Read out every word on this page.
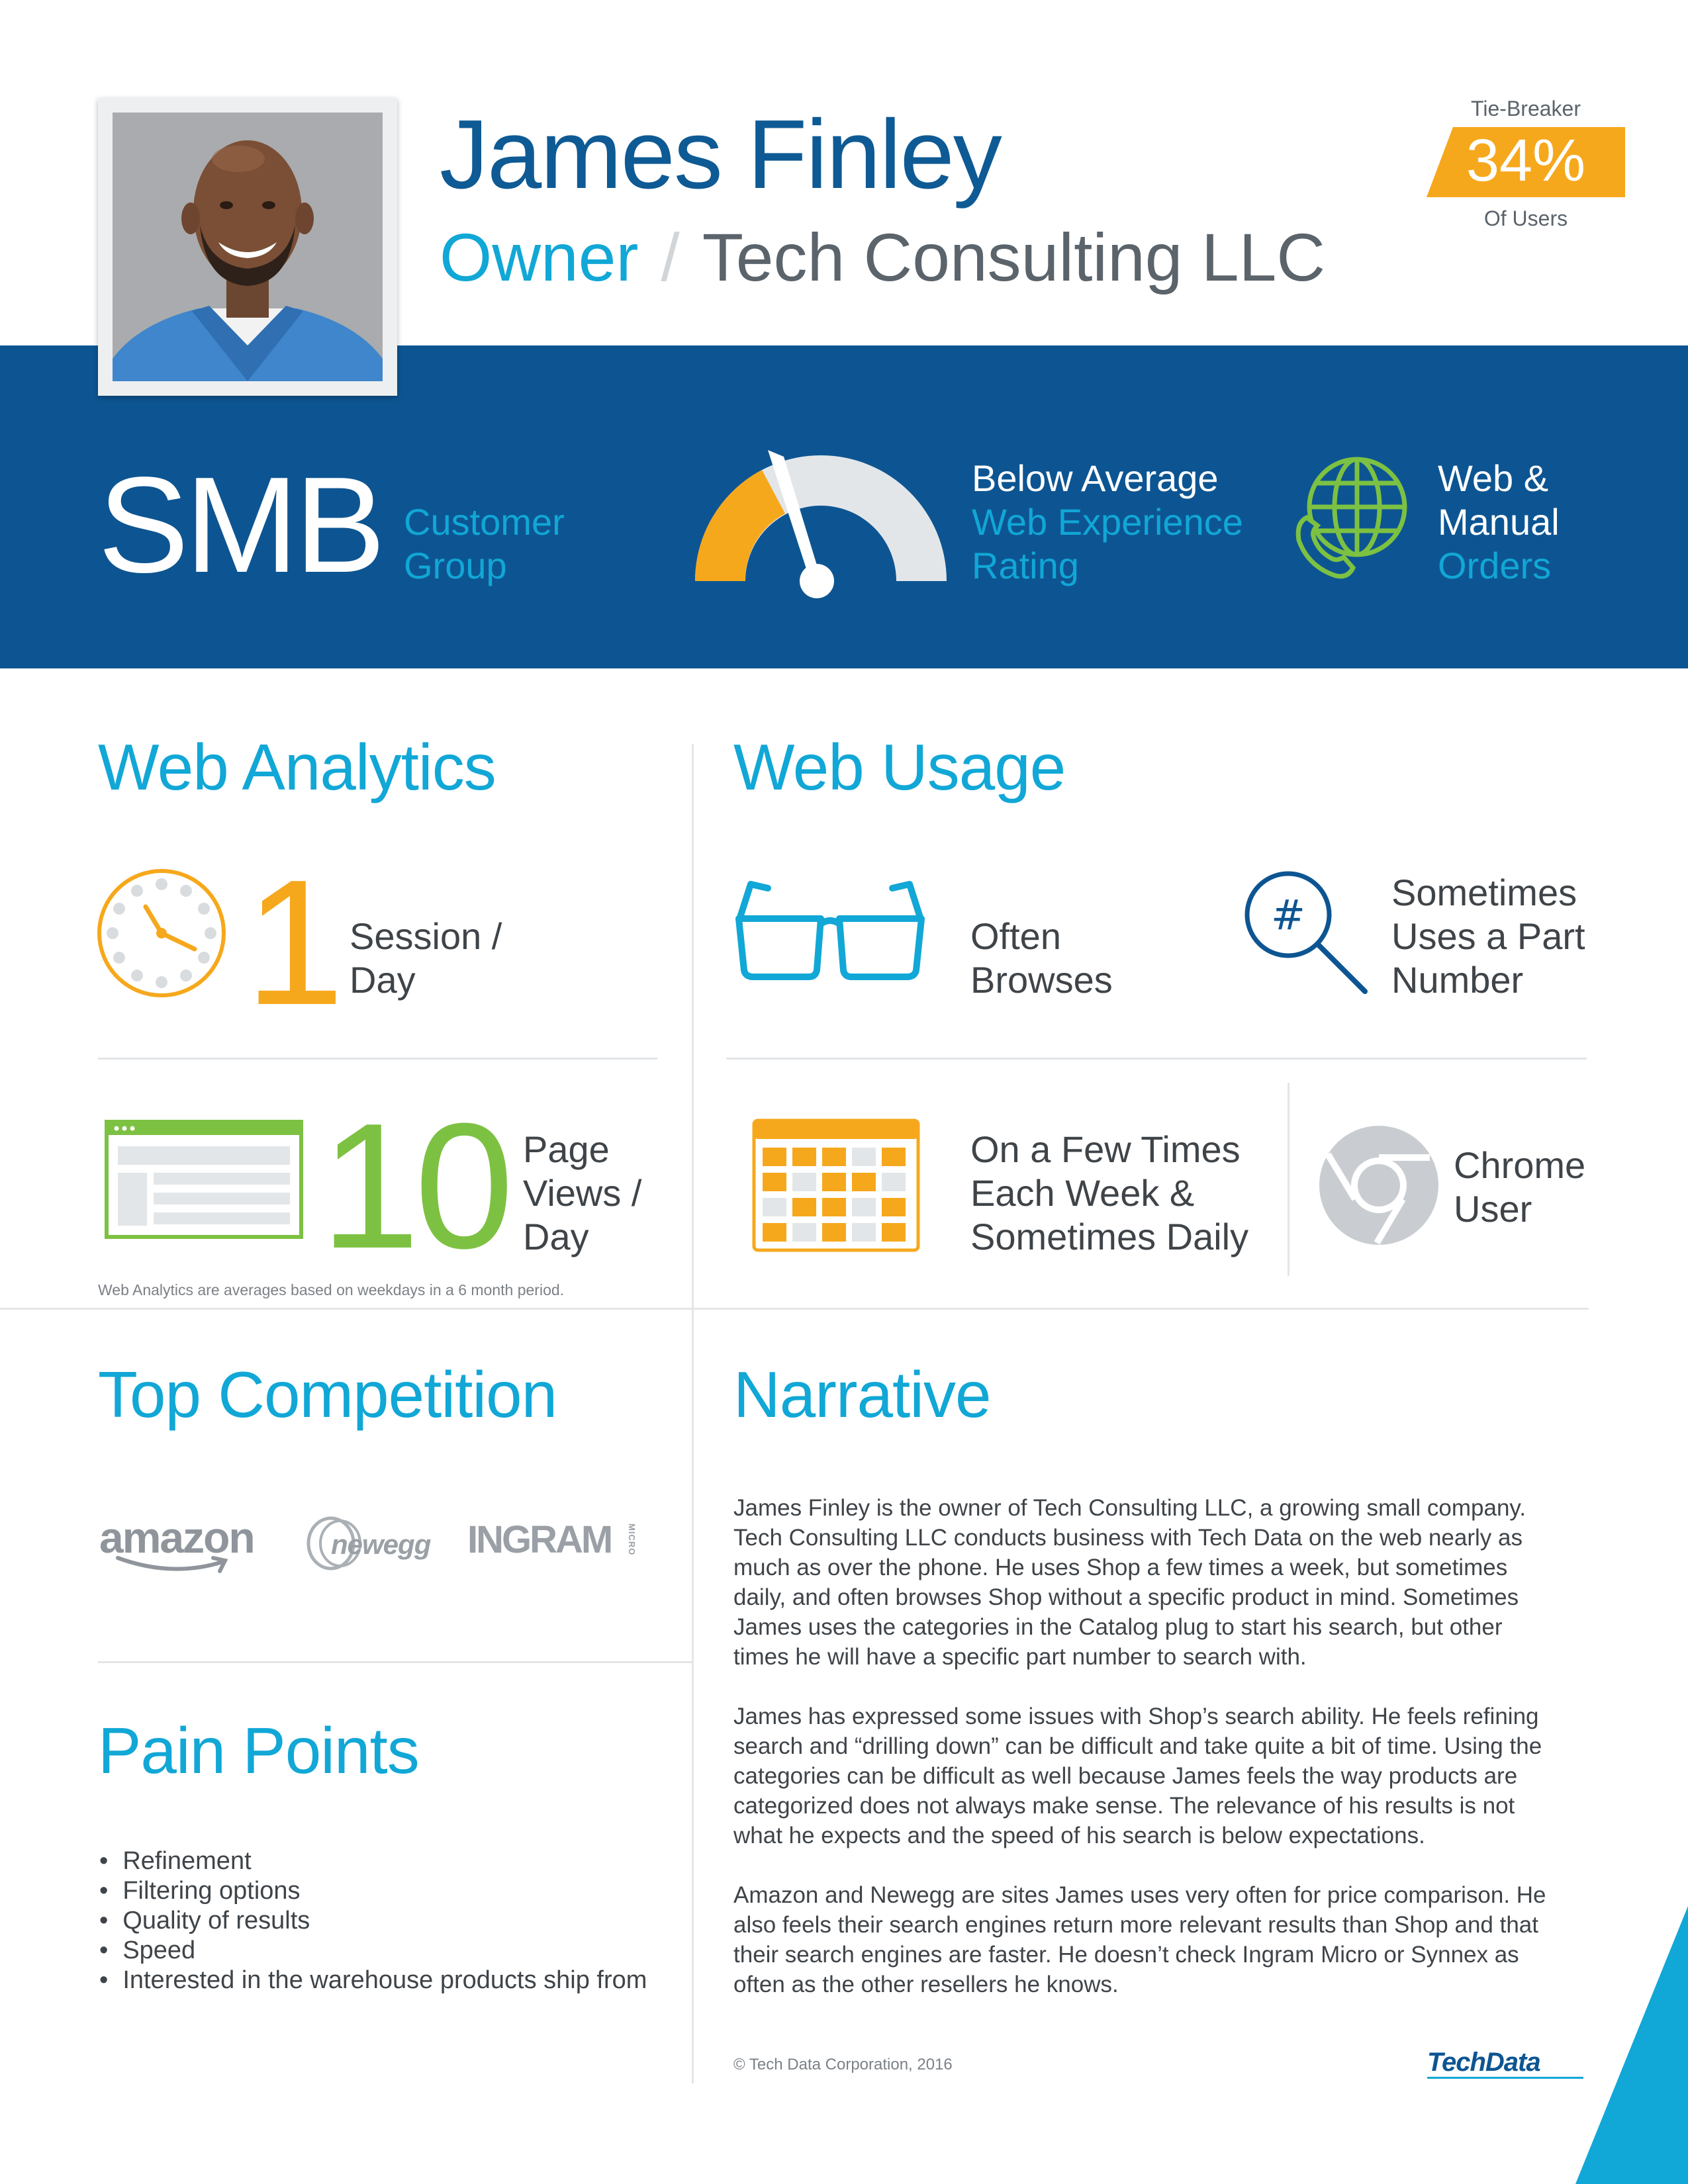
James Finley
Owner / Tech Consulting LLC
Tie-Breaker
34%
Of Users
SMB Customer
Group
Below Average
Web Experience
Rating
Web &
Manual
Orders
Web Analytics
1 Session /
Day
10 Page
Views /
Day
Web Analytics are averages based on weekdays in a 6 month period.
Web Usage
Often
Browses
# Sometimes
Uses a Part
Number
On a Few Times
Each Week &
Sometimes Daily
Chrome
User
Top Competition
amazon	newegg INGRAM	MICRO
Pain Points
• Refinement
• Filtering options
• Quality of results
• Speed
• Interested in the warehouse products ship from
Narrative
James Finley is the owner of Tech Consulting LLC, a growing small company.
Tech Consulting LLC conducts business with Tech Data on the web nearly as
much as over the phone. He uses Shop a few times a week, but sometimes
daily, and often browses Shop without a specific product in mind. Sometimes
James uses the categories in the Catalog plug to start his search, but other
times he will have a specific part number to search with.
James has expressed some issues with Shop’s search ability. He feels refining
search and “drilling down” can be difficult and take quite a bit of time. Using the
categories can be difficult as well because James feels the way products are
categorized does not always make sense. The relevance of his results is not
what he expects and the speed of his search is below expectations.
Amazon and Newegg are sites James uses very often for price comparison. He
also feels their search engines return more relevant results than Shop and that
their search engines are faster. He doesn’t check Ingram Micro or Synnex as
often as the other resellers he knows.
© Tech Data Corporation, 2016	TechData
